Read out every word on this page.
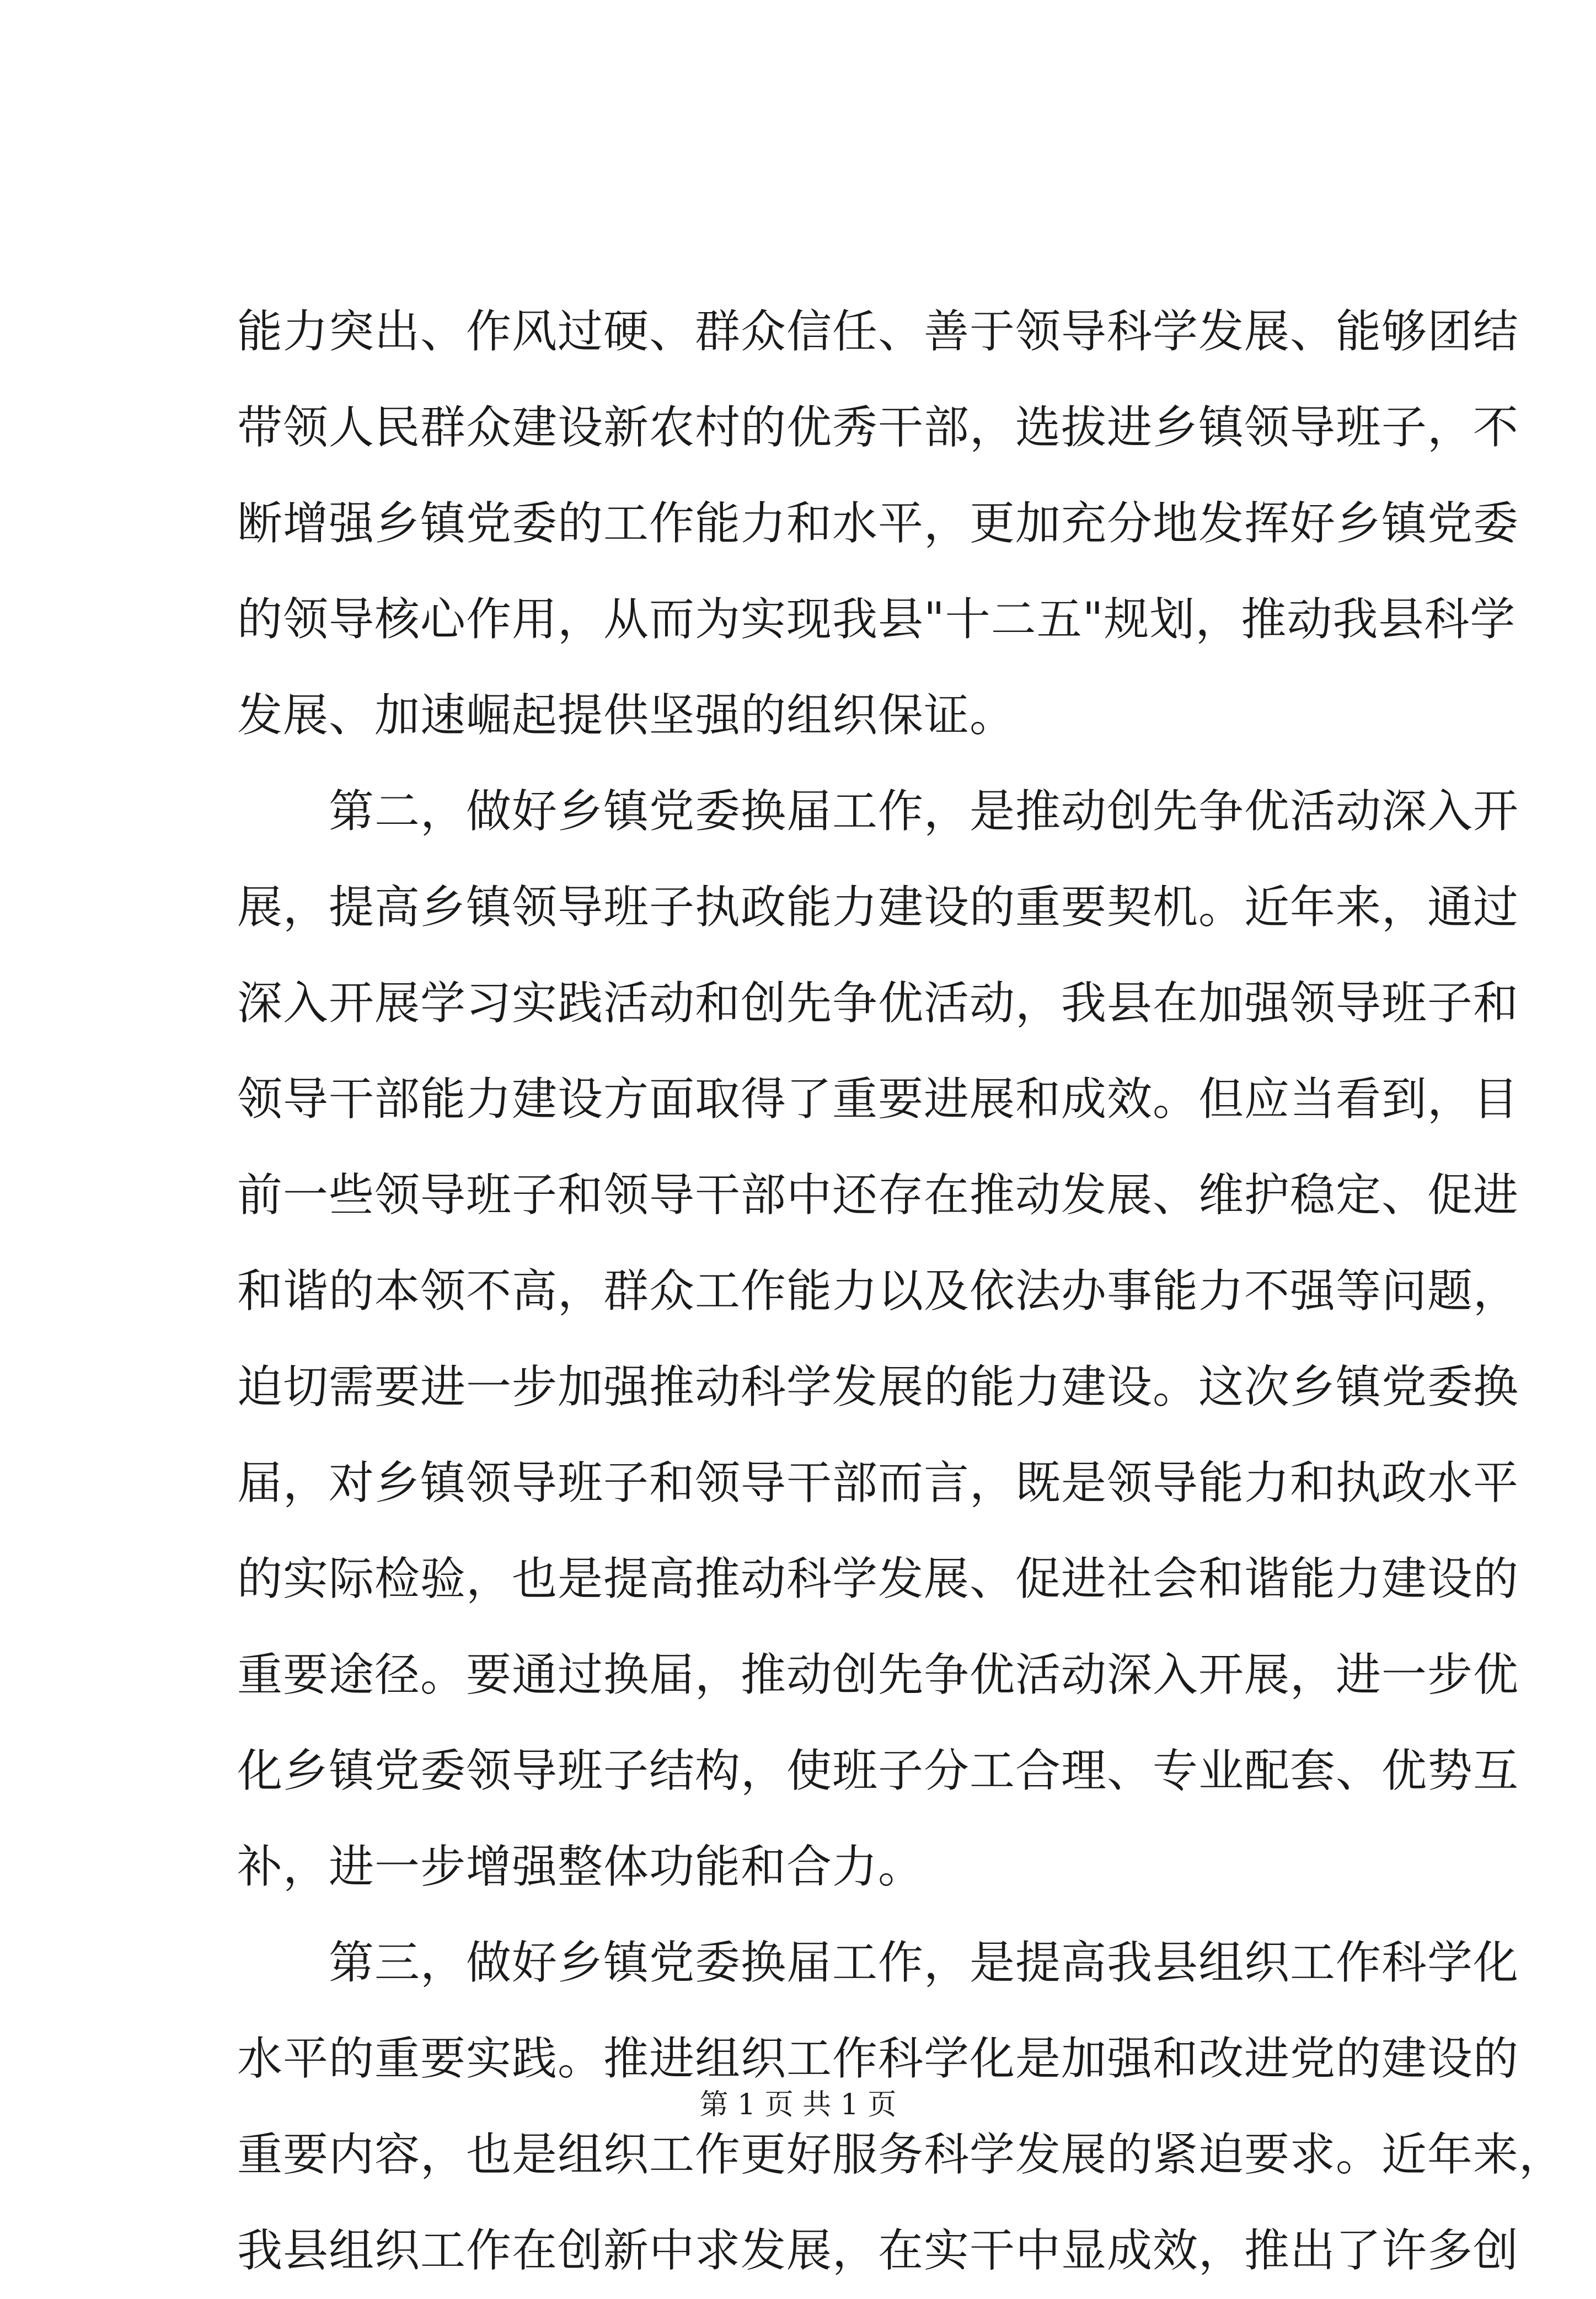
能力突出、作风过硬、群众信任、善于领导科学发展、能够团结
带领人民群众建设新农村的优秀干部，选拔进乡镇领导班子，不
断增强乡镇党委的工作能力和水平，更加充分地发挥好乡镇党委
的领导核心作用，从而为实现我县"十二五"规划，推动我县科学
发展、加速崛起提供坚强的组织保证。
　　第二，做好乡镇党委换届工作，是推动创先争优活动深入开
展，提高乡镇领导班子执政能力建设的重要契机。近年来，通过
深入开展学习实践活动和创先争优活动，我县在加强领导班子和
领导干部能力建设方面取得了重要进展和成效。但应当看到，目
前一些领导班子和领导干部中还存在推动发展、维护稳定、促进
和谐的本领不高，群众工作能力以及依法办事能力不强等问题，
迫切需要进一步加强推动科学发展的能力建设。这次乡镇党委换
届，对乡镇领导班子和领导干部而言，既是领导能力和执政水平
的实际检验，也是提高推动科学发展、促进社会和谐能力建设的
重要途径。要通过换届，推动创先争优活动深入开展，进一步优
化乡镇党委领导班子结构，使班子分工合理、专业配套、优势互
补，进一步增强整体功能和合力。
　　第三，做好乡镇党委换届工作，是提高我县组织工作科学化
水平的重要实践。推进组织工作科学化是加强和改进党的建设的
重要内容，也是组织工作更好服务科学发展的紧迫要求。近年来，
我县组织工作在创新中求发展，在实干中显成效，推出了许多创
第 1 页 共 1 页
